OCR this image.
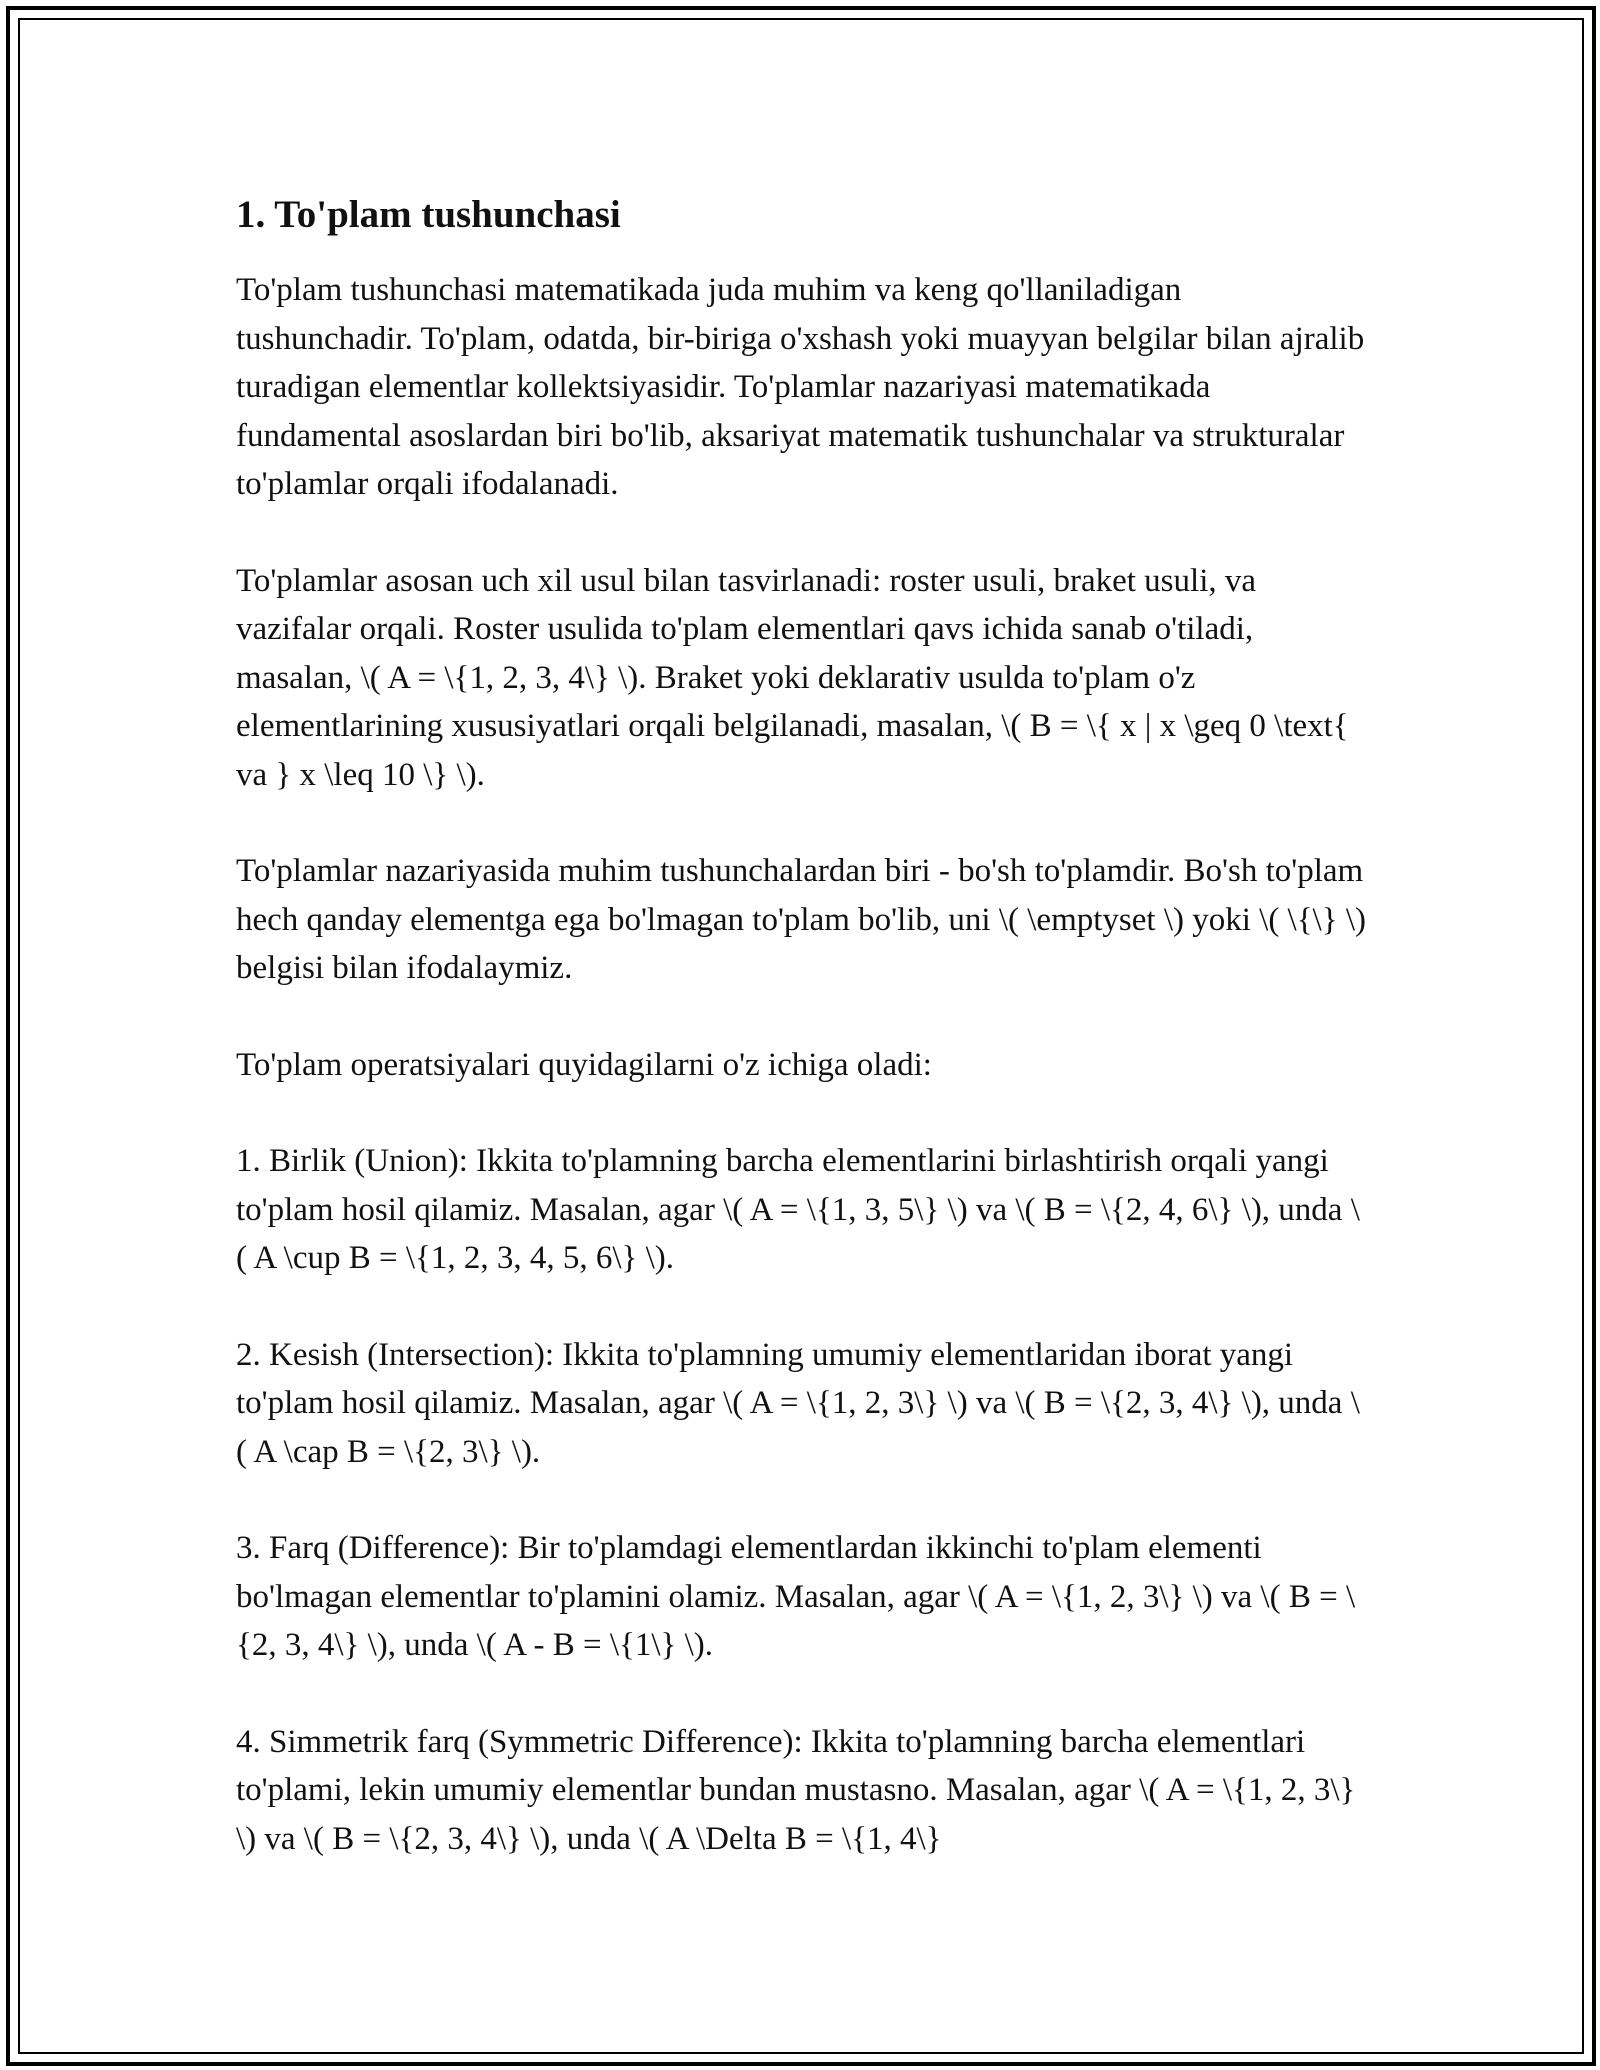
1. To'plam tushunchasi

To'plam tushunchasi matematikada juda muhim va keng qo'llaniladigan tushunchadir. To'plam, odatda, bir-biriga o'xshash yoki muayyan belgilar bilan ajralib turadigan elementlar kollektsiyasidir. To'plamlar nazariyasi matematikada fundamental asoslardan biri bo'lib, aksariyat matematik tushunchalar va strukturalar to'plamlar orqali ifodalanadi.

To'plamlar asosan uch xil usul bilan tasvirlanadi: roster usuli, braket usuli, va vazifalar orqali. Roster usulida to'plam elementlari qavs ichida sanab o'tiladi, masalan, \( A = \{1, 2, 3, 4\} \). Braket yoki deklarativ usulda to'plam o'z elementlarining xususiyatlari orqali belgilanadi, masalan, \( B = \{ x | x \geq 0 \text{ va } x \leq 10 \} \).

To'plamlar nazariyasida muhim tushunchalardan biri - bo'sh to'plamdir. Bo'sh to'plam hech qanday elementga ega bo'lmagan to'plam bo'lib, uni \( \emptyset \) yoki \( \{\} \) belgisi bilan ifodalaymiz.

To'plam operatsiyalari quyidagilarni o'z ichiga oladi:

1. Birlik (Union): Ikkita to'plamning barcha elementlarini birlashtirish orqali yangi to'plam hosil qilamiz. Masalan, agar \( A = \{1, 3, 5\} \) va \( B = \{2, 4, 6\} \), unda \( A \cup B = \{1, 2, 3, 4, 5, 6\} \).

2. Kesish (Intersection): Ikkita to'plamning umumiy elementlaridan iborat yangi to'plam hosil qilamiz. Masalan, agar \( A = \{1, 2, 3\} \) va \( B = \{2, 3, 4\} \), unda \( A \cap B = \{2, 3\} \).

3. Farq (Difference): Bir to'plamdagi elementlardan ikkinchi to'plam elementi bo'lmagan elementlar to'plamini olamiz. Masalan, agar \( A = \{1, 2, 3\} \) va \( B = \{2, 3, 4\} \), unda \( A - B = \{1\} \).

4. Simmetrik farq (Symmetric Difference): Ikkita to'plamning barcha elementlari to'plami, lekin umumiy elementlar bundan mustasno. Masalan, agar \( A = \{1, 2, 3\} \) va \( B = \{2, 3, 4\} \), unda \( A \Delta B = \{1, 4\}
